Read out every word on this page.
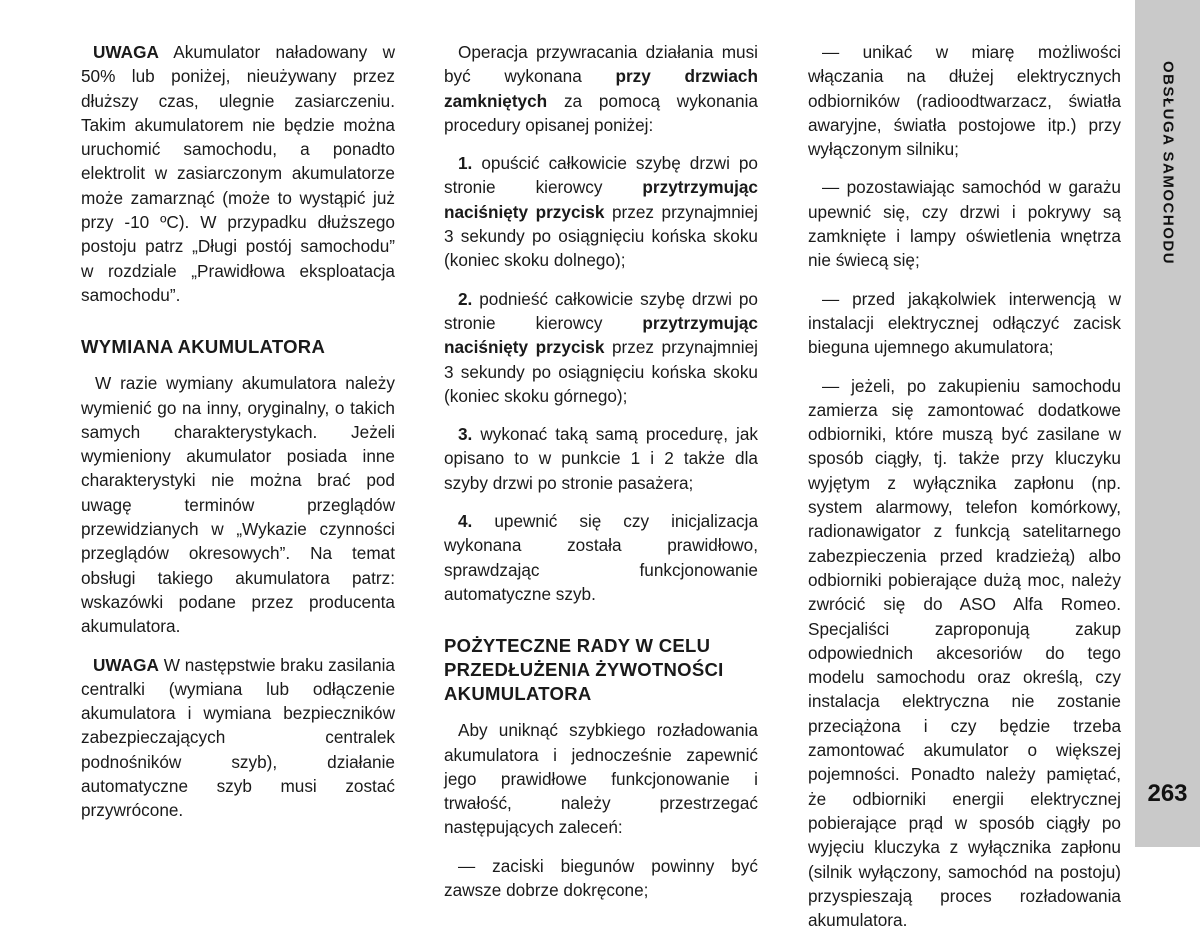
OBSŁUGA SAMOCHODU
263

UWAGA Akumulator naładowany w 50% lub poniżej, nieużywany przez dłuższy czas, ulegnie zasiarczeniu. Takim akumulatorem nie będzie można uruchomić samochodu, a ponadto elektrolit w zasiarczonym akumulatorze może zamarznąć (może to wystąpić już przy -10 ºC). W przypadku dłuższego postoju patrz „Długi postój samochodu” w rozdziale „Prawidłowa eksploatacja samochodu”.

WYMIANA AKUMULATORA

W razie wymiany akumulatora należy wymienić go na inny, oryginalny, o takich samych charakterystykach. Jeżeli wymieniony akumulator posiada inne charakterystyki nie można brać pod uwagę terminów przeglądów przewidzianych w „Wykazie czynności przeglądów okresowych”. Na temat obsługi takiego akumulatora patrz: wskazówki podane przez producenta akumulatora.

UWAGA W następstwie braku zasilania centralki (wymiana lub odłączenie akumulatora i wymiana bezpieczników zabezpieczających centralek podnośników szyb), działanie automatyczne szyb musi zostać przywrócone.

Operacja przywracania działania musi być wykonana przy drzwiach zamkniętych za pomocą wykonania procedury opisanej poniżej:

1. opuścić całkowicie szybę drzwi po stronie kierowcy przytrzymując naciśnięty przycisk przez przynajmniej 3 sekundy po osiągnięciu końska skoku (koniec skoku dolnego);

2. podnieść całkowicie szybę drzwi po stronie kierowcy przytrzymując naciśnięty przycisk przez przynajmniej 3 sekundy po osiągnięciu końska skoku (koniec skoku górnego);

3. wykonać taką samą procedurę, jak opisano to w punkcie 1 i 2 także dla szyby drzwi po stronie pasażera;

4. upewnić się czy inicjalizacja wykonana została prawidłowo, sprawdzając funkcjonowanie automatyczne szyb.

POŻYTECZNE RADY W CELU PRZEDŁUŻENIA ŻYWOTNOŚCI AKUMULATORA

Aby uniknąć szybkiego rozładowania akumulatora i jednocześnie zapewnić jego prawidłowe funkcjonowanie i trwałość, należy przestrzegać następujących zaleceń:

— zaciski biegunów powinny być zawsze dobrze dokręcone;

— unikać w miarę możliwości włączania na dłużej elektrycznych odbiorników (radioodtwarzacz, światła awaryjne, światła postojowe itp.) przy wyłączonym silniku;

— pozostawiając samochód w garażu upewnić się, czy drzwi i pokrywy są zamknięte i lampy oświetlenia wnętrza nie świecą się;

— przed jakąkolwiek interwencją w instalacji elektrycznej odłączyć zacisk bieguna ujemnego akumulatora;

— jeżeli, po zakupieniu samochodu zamierza się zamontować dodatkowe odbiorniki, które muszą być zasilane w sposób ciągły, tj. także przy kluczyku wyjętym z wyłącznika zapłonu (np. system alarmowy, telefon komórkowy, radionawigator z funkcją satelitarnego zabezpieczenia przed kradzieżą) albo odbiorniki pobierające dużą moc, należy zwrócić się do ASO Alfa Romeo. Specjaliści zaproponują zakup odpowiednich akcesoriów do tego modelu samochodu oraz określą, czy instalacja elektryczna nie zostanie przeciążona i czy będzie trzeba zamontować akumulator o większej pojemności. Ponadto należy pamiętać, że odbiorniki energii elektrycznej pobierające prąd w sposób ciągły po wyjęciu kluczyka z wyłącznika zapłonu (silnik wyłączony, samochód na postoju) przyspieszają proces rozładowania akumulatora.
